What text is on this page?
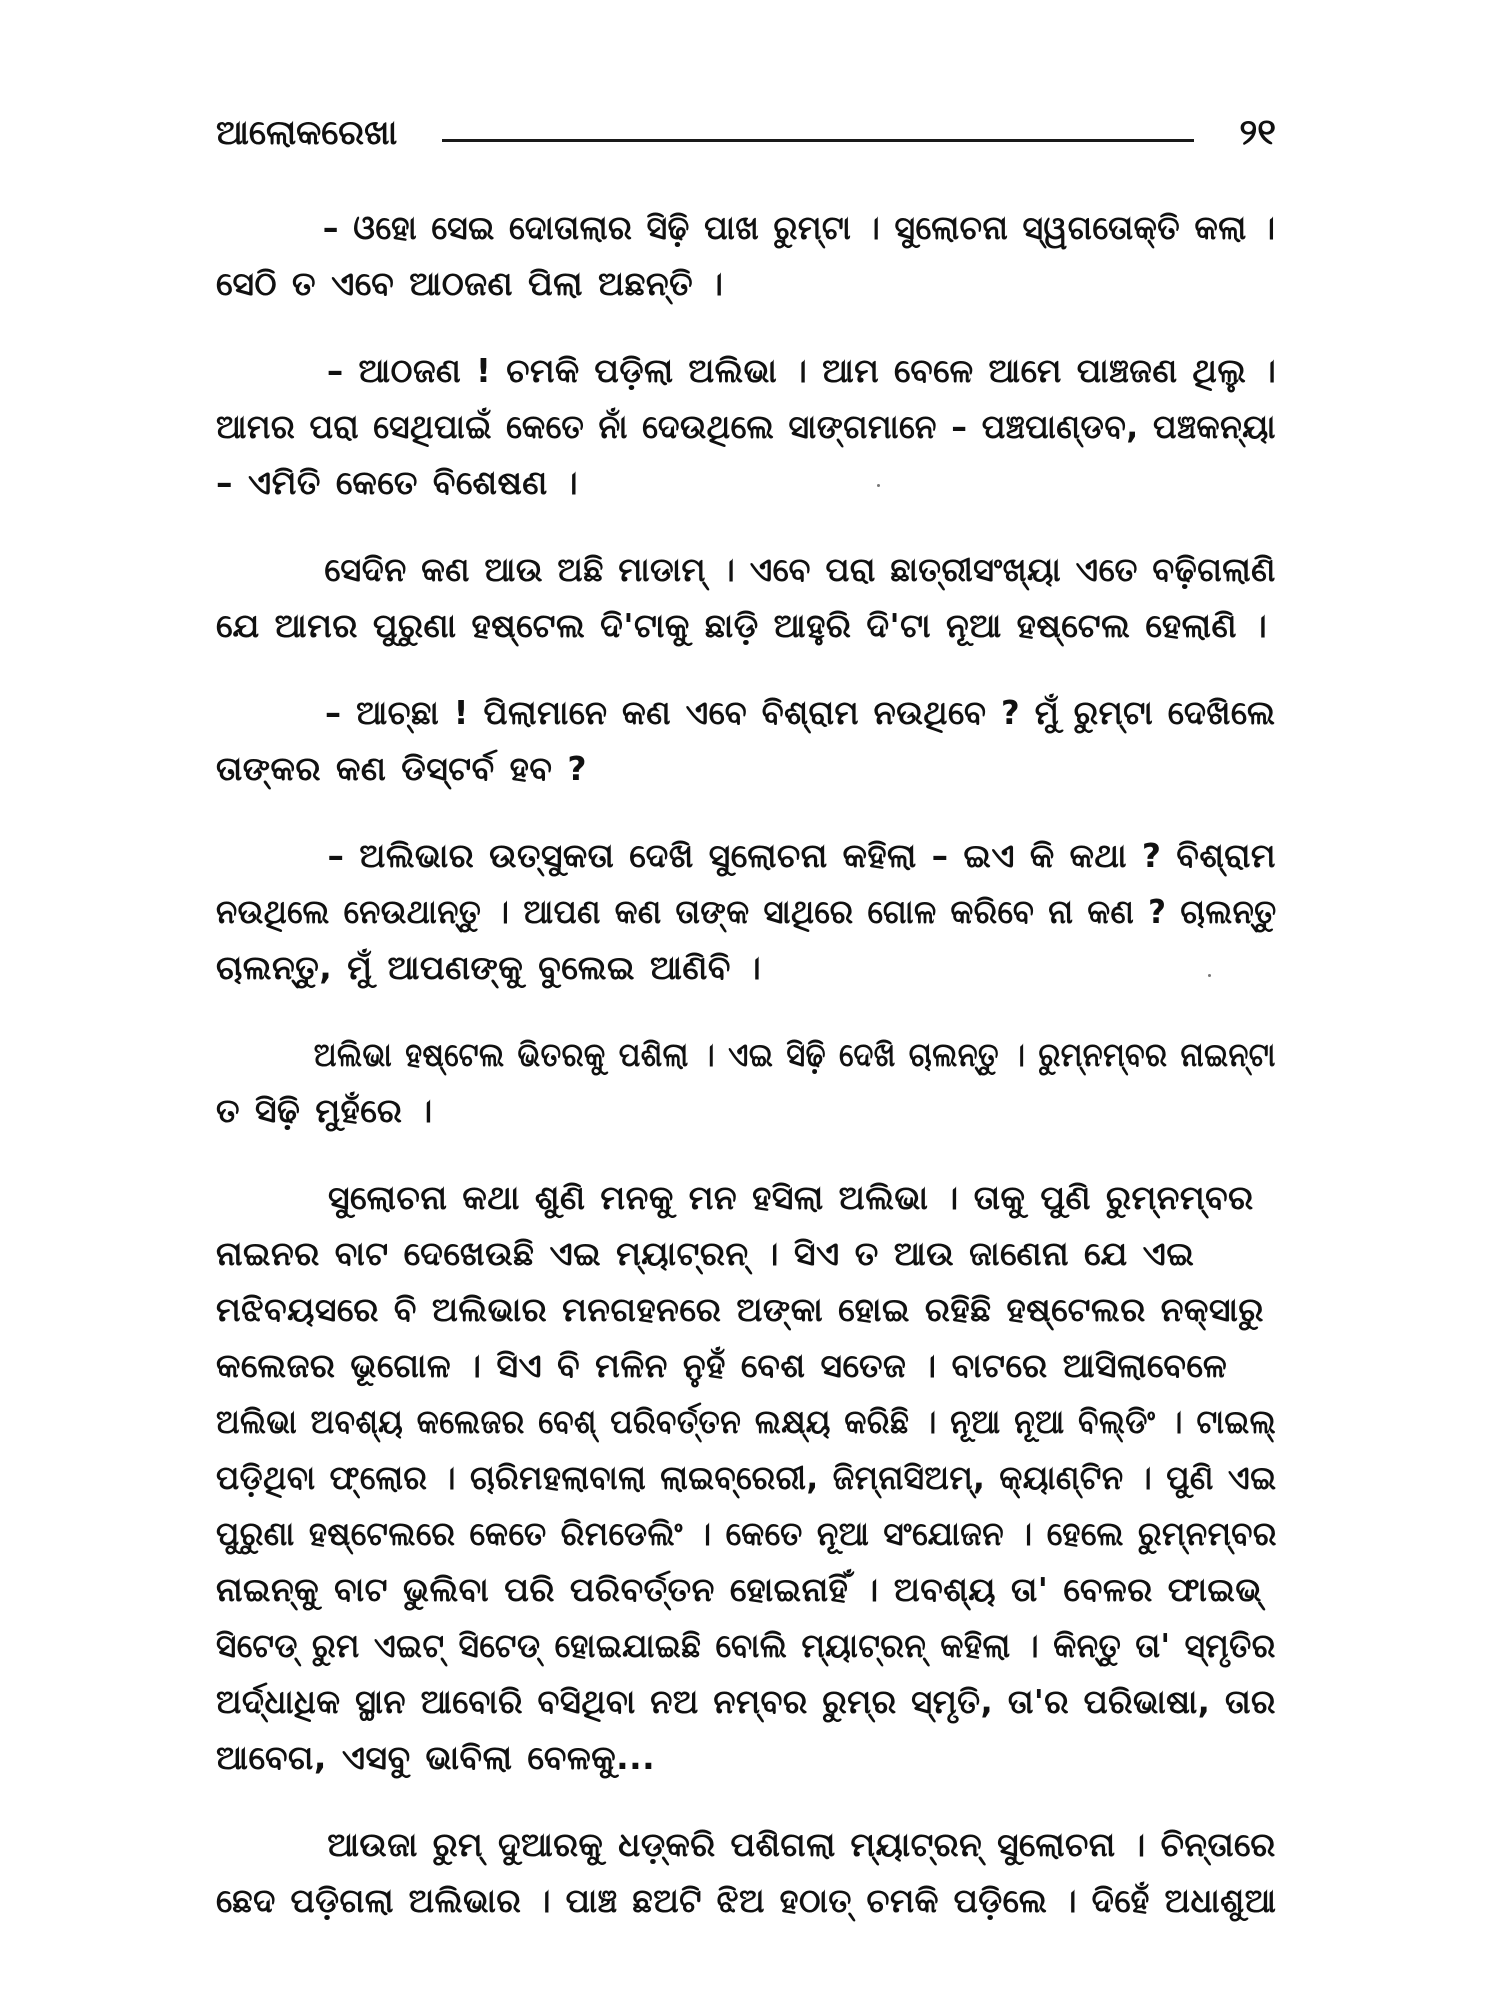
ଆଲୋକରେଖା	୨୧

– ଓହୋ ସେଇ ଦୋତାଲାର ସିଢ଼ି ପାଖ ରୁମ୍‌ଟା । ସୁଲୋଚନା ସ୍ୱଗତୋକ୍ତି କଲା ।
ସେଠି ତ ଏବେ ଆଠଜଣ ପିଲା ଅଛନ୍ତି ।

– ଆଠଜଣ ! ଚମକି ପଡ଼ିଲା ଅଲିଭା । ଆମ ବେଳେ ଆମେ ପାଞ୍ଚଜଣ ଥିଲୁ ।
ଆମର ପରା ସେଥିପାଇଁ କେତେ ନାଁ ଦେଉଥିଲେ ସାଙ୍ଗମାନେ – ପଞ୍ଚପାଣ୍ଡବ, ପଞ୍ଚକନ୍ୟା
– ଏମିତି କେତେ ବିଶେଷଣ ।

ସେଦିନ କଣ ଆଉ ଅଛି ମାଡାମ୍ । ଏବେ ପରା ଛାତ୍ରୀସଂଖ୍ୟା ଏତେ ବଢ଼ିଗଲାଣି
ଯେ ଆମର ପୁରୁଣା ହଷ୍ଟେଲ ଦି'ଟାକୁ ଛାଡ଼ି ଆହୁରି ଦି'ଟା ନୂଆ ହଷ୍ଟେଲ ହେଲାଣି ।

– ଆଚ୍ଛା ! ପିଲାମାନେ କଣ ଏବେ ବିଶ୍ରାମ ନଉଥିବେ ? ମୁଁ ରୁମ୍‌ଟା ଦେଖିଲେ
ତାଙ୍କର କଣ ଡିସ୍‌ଟର୍ବ ହବ ?

– ଅଲିଭାର ଉତ୍ସୁକତା ଦେଖି ସୁଲୋଚନା କହିଲା – ଇଏ କି କଥା ? ବିଶ୍ରାମ
ନଉଥିଲେ ନେଉଥାନ୍ତୁ । ଆପଣ କଣ ତାଙ୍କ ସାଥିରେ ଗୋଳ କରିବେ ନା କଣ ? ଚାଲନ୍ତୁ
ଚାଲନ୍ତୁ, ମୁଁ ଆପଣଙ୍କୁ ବୁଲେଇ ଆଣିବି ।

ଅଲିଭା ହଷ୍ଟେଲ ଭିତରକୁ ପଶିଲା । ଏଇ ସିଢ଼ି ଦେଖି ଚାଲନ୍ତୁ । ରୁମ୍‌ନମ୍ବର ନାଇନ୍‌ଟା
ତ ସିଢ଼ି ମୁହଁରେ ।

ସୁଲୋଚନା କଥା ଶୁଣି ମନକୁ ମନ ହସିଲା ଅଲିଭା । ତାକୁ ପୁଣି ରୁମ୍‌ନମ୍ବର
ନାଇନର ବାଟ ଦେଖେଉଛି ଏଇ ମ୍ୟାଟ୍ରନ୍ । ସିଏ ତ ଆଉ ଜାଣେନା ଯେ ଏଇ
ମଝିବୟସରେ ବି ଅଲିଭାର ମନଗହନରେ ଅଙ୍କା ହୋଇ ରହିଛି ହଷ୍ଟେଲର ନକ୍‌ସାରୁ
କଲେଜର ଭୂଗୋଳ । ସିଏ ବି ମଳିନ ନୁହଁ ବେଶ ସତେଜ । ବାଟରେ ଆସିଲାବେଳେ
ଅଲିଭା ଅବଶ୍ୟ କଲେଜର ବେଶ୍ ପରିବର୍ତ୍ତନ ଲକ୍ଷ୍ୟ କରିଛି । ନୂଆ ନୂଆ ବିଲ୍‌ଡିଂ । ଟାଇଲ୍
ପଡ଼ିଥିବା ଫ୍ଲୋର । ଚାରିମହଲାବାଲା ଲାଇବ୍ରେରୀ, ଜିମ୍‌ନାସିଅମ୍, କ୍ୟାଣ୍ଟିନ । ପୁଣି ଏଇ
ପୁରୁଣା ହଷ୍ଟେଲରେ କେତେ ରିମଡେଲିଂ । କେତେ ନୂଆ ସଂଯୋଜନ । ହେଲେ ରୁମ୍‌ନମ୍ବର
ନାଇନ୍‌କୁ ବାଟ ଭୁଲିବା ପରି ପରିବର୍ତ୍ତନ ହୋଇନାହିଁ । ଅବଶ୍ୟ ତା' ବେଳର ଫାଇଭ୍
ସିଟେଡ୍ ରୁମ ଏଇଟ୍ ସିଟେଡ୍ ହୋଇଯାଇଛି ବୋଲି ମ୍ୟାଟ୍ରନ୍ କହିଲା । କିନ୍ତୁ ତା' ସ୍ମୃତିର
ଅର୍ଦ୍ଧାଧିକ ସ୍ଥାନ ଆବୋରି ବସିଥିବା ନଅ ନମ୍ବର ରୁମ୍‌ର ସ୍ମୃତି, ତା'ର ପରିଭାଷା, ତାର
ଆବେଗ, ଏସବୁ ଭାବିଲା ବେଳକୁ...

ଆଉଜା ରୁମ୍ ଦୁଆରକୁ ଧଡ଼୍‌କରି ପଶିଗଲା ମ୍ୟାଟ୍ରନ୍ ସୁଲୋଚନା । ଚିନ୍ତାରେ
ଛେଦ ପଡ଼ିଗଲା ଅଲିଭାର । ପାଞ୍ଚ ଛଅଟି ଝିଅ ହଠାତ୍ ଚମକି ପଡ଼ିଲେ । ଦିହେଁ ଅଧାଶୁଆ
